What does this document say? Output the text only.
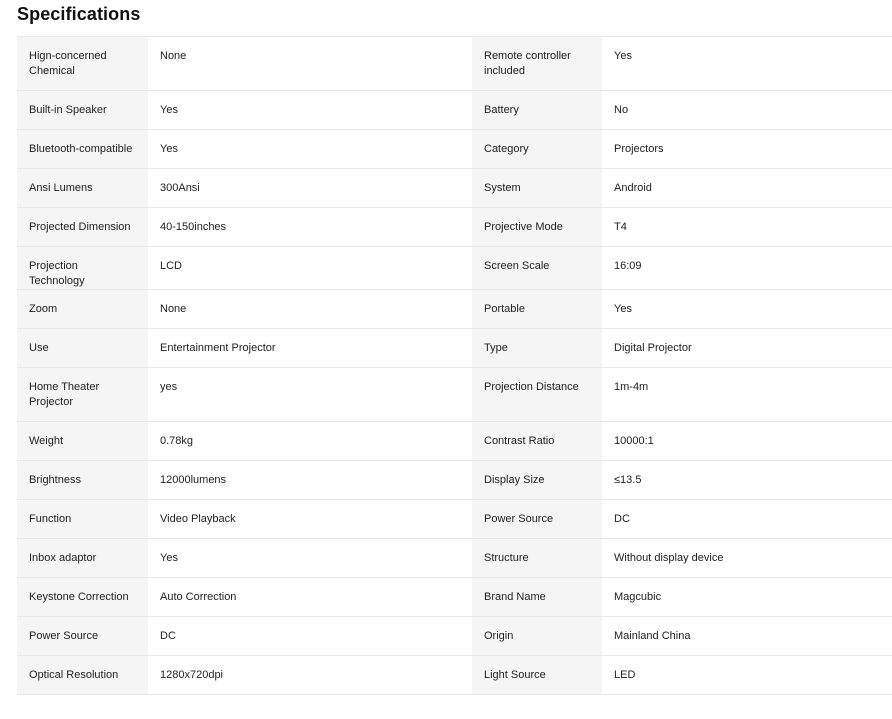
Specifications
Hign-concerned Chemical	None	Remote controller included	Yes
Built-in Speaker	Yes	Battery	No
Bluetooth-compatible	Yes	Category	Projectors
Ansi Lumens	300Ansi	System	Android
Projected Dimension	40-150inches	Projective Mode	T4
Projection Technology	LCD	Screen Scale	16:09
Zoom	None	Portable	Yes
Use	Entertainment Projector	Type	Digital Projector
Home Theater Projector	yes	Projection Distance	1m-4m
Weight	0.78kg	Contrast Ratio	10000:1
Brightness	12000lumens	Display Size	≤13.5
Function	Video Playback	Power Source	DC
Inbox adaptor	Yes	Structure	Without display device
Keystone Correction	Auto Correction	Brand Name	Magcubic
Power Source	DC	Origin	Mainland China
Optical Resolution	1280x720dpi	Light Source	LED
